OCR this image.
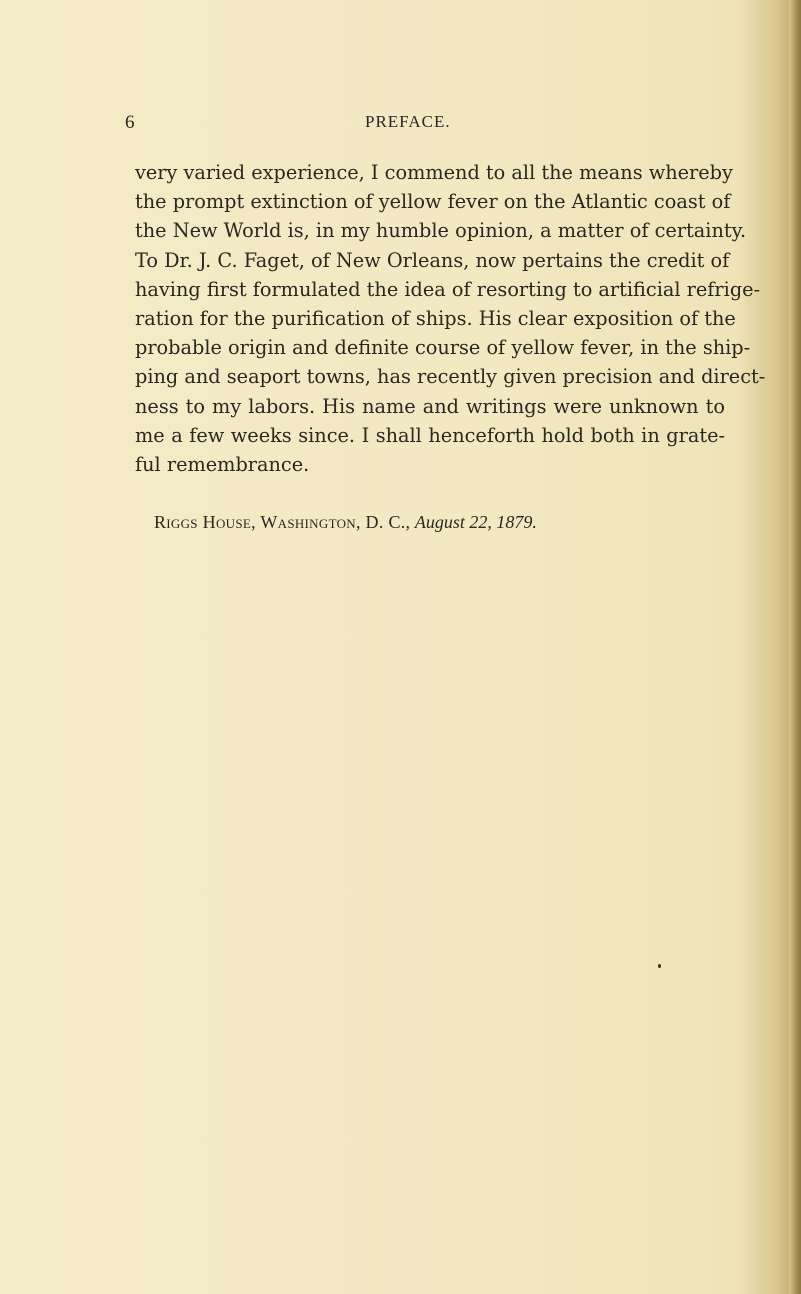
6	PREFACE.
very varied experience, I commend to all the means whereby
the prompt extinction of yellow fever on the Atlantic coast of
the New World is, in my humble opinion, a matter of certainty.
To Dr. J. C. Faget, of New Orleans, now pertains the credit of
having first formulated the idea of resorting to artificial refrige-
ration for the purification of ships. His clear exposition of the
probable origin and definite course of yellow fever, in the ship-
ping and seaport towns, has recently given precision and direct-
ness to my labors. His name and writings were unknown to
me a few weeks since. I shall henceforth hold both in grate-
ful remembrance.
Riggs House, Washington, D. C., August 22, 1879.
